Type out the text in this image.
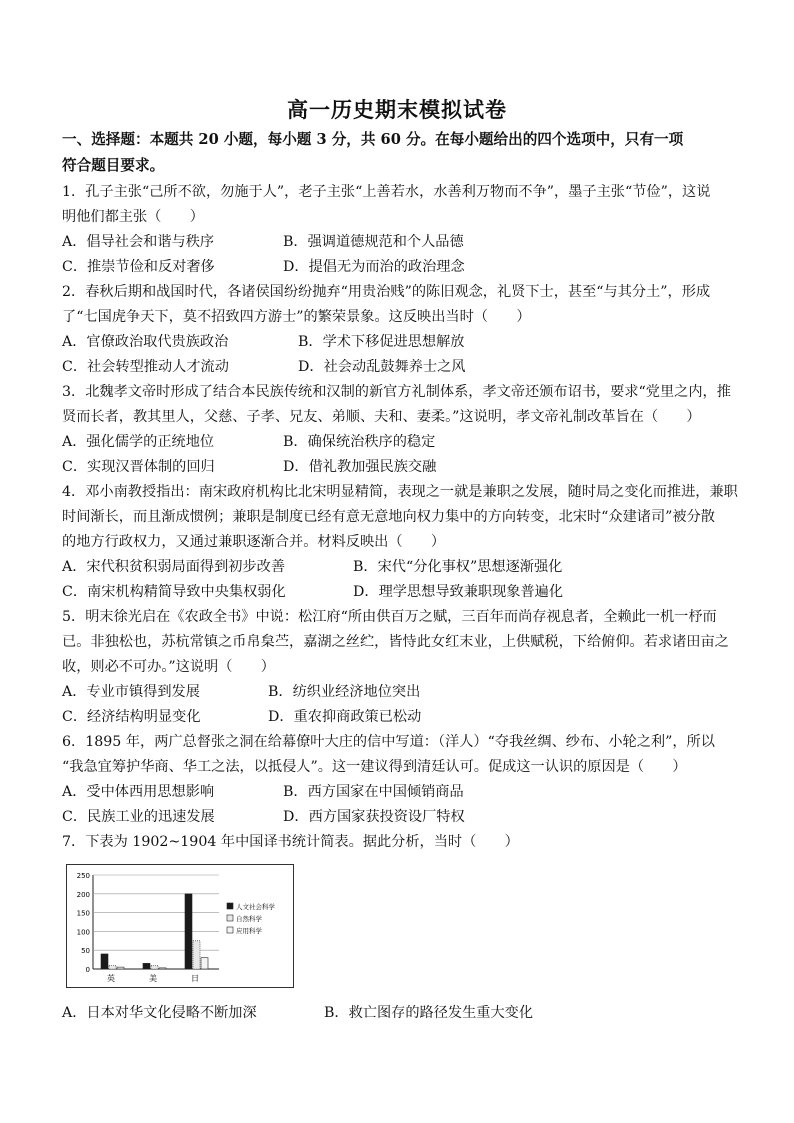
高一历史期末模拟试卷
一、选择题：本题共 20 小题，每小题 3 分，共 60 分。在每小题给出的四个选项中，只有一项
符合题目要求。
1．孔子主张“己所不欲，勿施于人”，老子主张“上善若水，水善利万物而不争”，墨子主张“节俭”，这说
明他们都主张（　　）
A．倡导社会和谐与秩序	B．强调道德规范和个人品德
C．推崇节俭和反对奢侈	D．提倡无为而治的政治理念
2．春秋后期和战国时代，各诸侯国纷纷抛弃“用贵治贱”的陈旧观念，礼贤下士，甚至“与其分土”，形成
了“七国虎争天下，莫不招致四方游士”的繁荣景象。这反映出当时（　　）
A．官僚政治取代贵族政治	B．学术下移促进思想解放
C．社会转型推动人才流动	D．社会动乱鼓舞养士之风
3．北魏孝文帝时形成了结合本民族传统和汉制的新官方礼制体系，孝文帝还颁布诏书，要求“党里之内，推
贤而长者，教其里人，父慈、子孝、兄友、弟顺、夫和、妻柔。”这说明，孝文帝礼制改革旨在（　　）
A．强化儒学的正统地位	B．确保统治秩序的稳定
C．实现汉晋体制的回归	D．借礼教加强民族交融
4．邓小南教授指出：南宋政府机构比北宋明显精简，表现之一就是兼职之发展，随时局之变化而推进，兼职
时间渐长，而且渐成惯例；兼职是制度已经有意无意地向权力集中的方向转变，北宋时“众建诸司”被分散
的地方行政权力，又通过兼职逐渐合并。材料反映出（　　）
A．宋代积贫积弱局面得到初步改善	B．宋代“分化事权”思想逐渐强化
C．南宋机构精简导致中央集权弱化	D．理学思想导致兼职现象普遍化
5．明末徐光启在《农政全书》中说：松江府“所由供百万之赋，三百年而尚存视息者，全赖此一机一杼而
已。非独松也，苏杭常镇之币帛枲苎，嘉湖之丝纻，皆恃此女红末业，上供赋税，下给俯仰。若求诸田亩之
收，则必不可办。”这说明（　　）
A．专业市镇得到发展	B．纺织业经济地位突出
C．经济结构明显变化	D．重农抑商政策已松动
6．1895 年，两广总督张之洞在给幕僚叶大庄的信中写道：（洋人）“夺我丝绸、纱布、小轮之利”，所以
“我急宜筹护华商、华工之法，以抵侵人”。这一建议得到清廷认可。促成这一认识的原因是（　　）
A．受中体西用思想影响	B．西方国家在中国倾销商品
C．民族工业的迅速发展	D．西方国家获投资设厂特权
7．下表为 1902~1904 年中国译书统计简表。据此分析，当时（　　）
0
50
100
150
200
250
英	美	日
人文社会科学
自然科学
应用科学
A．日本对华文化侵略不断加深	B．救亡图存的路径发生重大变化
